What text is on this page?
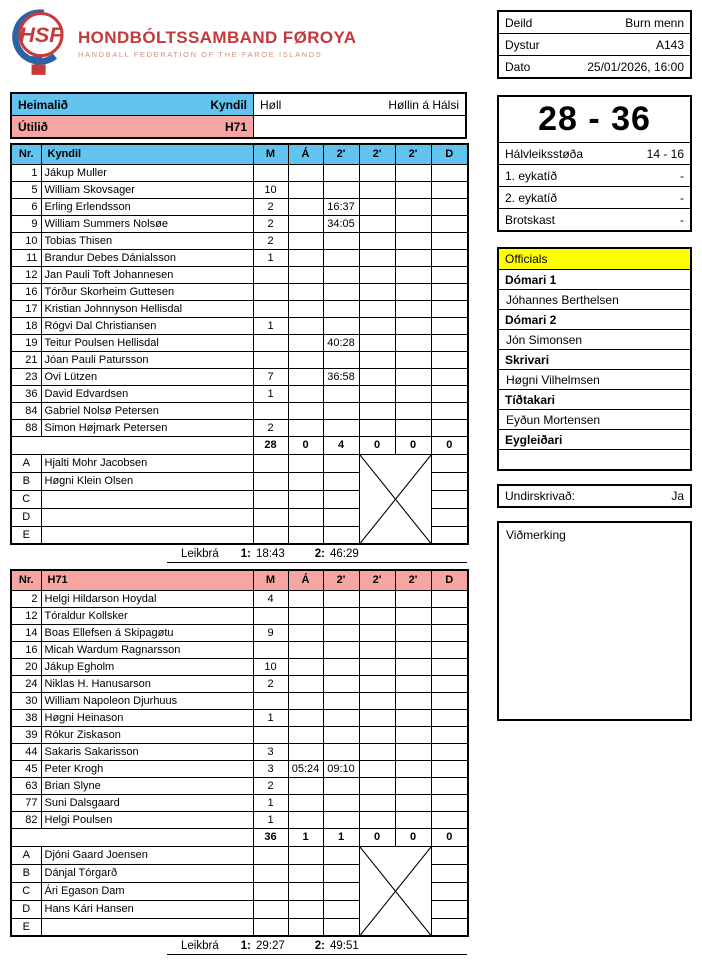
HSF HONDBÓLTSSAMBAND FØROYA
HANDBALL FEDERATION OF THE FAROE ISLANDS
Heimalið	Kyndil Høll	Høllin á Hálsi
Útilið	H71
Nr.	Kyndil	M	Á	2'	2'	2'	D
1	Jákup Muller						
5	William Skovsager	10					
6	Erling Erlendsson	2		16:37			
9	William Summers Nolsøe	2		34:05			
10	Tobias Thisen	2					
11	Brandur Debes Dánialsson	1					
12	Jan Pauli Toft Johannesen						
16	Tórður Skorheim Guttesen						
17	Kristian Johnnyson Hellisdal						
18	Rógvi Dal Christiansen	1					
19	Teitur Poulsen Hellisdal			40:28			
21	Jóan Pauli Patursson						
23	Ovi Lützen	7		36:58			
36	David Edvardsen	1					
84	Gabriel Nolsø Petersen						
88	Simon Højmark Petersen	2					
		28	0	4	0	0	0
A	Hjalti Mohr Jacobsen				

B	Høgni Klein Olsen						
C							
D							
E							
Leikbrá 1: 18:43	2: 46:29
Nr.	H71	M	Á	2'	2'	2'	D
2	Helgi Hildarson Hoydal	4					
12	Tóraldur Kollsker						
14	Boas Ellefsen á Skipagøtu	9					
16	Micah Wardum Ragnarsson						
20	Jákup Egholm	10					
24	Niklas H. Hanusarson	2					
30	William Napoleon Djurhuus						
38	Høgni Heinason	1					
39	Rókur Ziskason						
44	Sakaris Sakarisson	3					
45	Peter Krogh	3	05:24	09:10			
63	Brian Slyne	2					
77	Suni Dalsgaard	1					
82	Helgi Poulsen	1					
		36	1	1	0	0	0
A	Djóni Gaard Joensen				

B	Dánjal Tórgarð						
C	Ári Egason Dam						
D	Hans Kári Hansen						
E							
Leikbrá 1: 29:27	2: 49:51
Deild	Burn menn
Dystur	A143
Dato	25/01/2026, 16:00
28 - 36
Hálvleiksstøða	14 - 16
1. eykatíð	-
2. eykatíð	-
Brotskast	-
Officials
Dómari 1
Jóhannes Berthelsen
Dómari 2
Jón Simonsen
Skrivari
Høgni Vilhelmsen
Tíðtakari
Eyðun Mortensen
Eygleiðari
Undirskrivað:	Ja
Viðmerking
